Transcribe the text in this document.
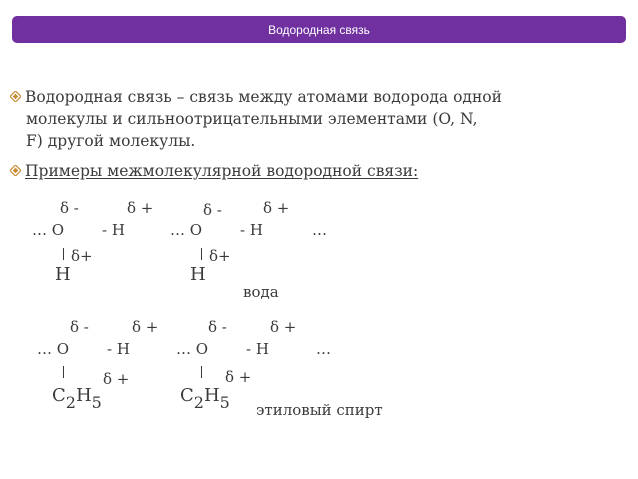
Водородная связь
Водородная связь – связь между атомами водорода одной
молекулы и сильноотрицательными элементами (O, N,
F) другой молекулы.
Примеры межмолекулярной водородной связи:
δ -	δ +	δ -	δ +
… O	- H	… O	- H	…
δ+	δ+
H	H
вода
δ -	δ +	δ -	δ +
… O	- H	… O	- H	…
δ +	δ +
C2H5	C2H5 этиловый спирт
